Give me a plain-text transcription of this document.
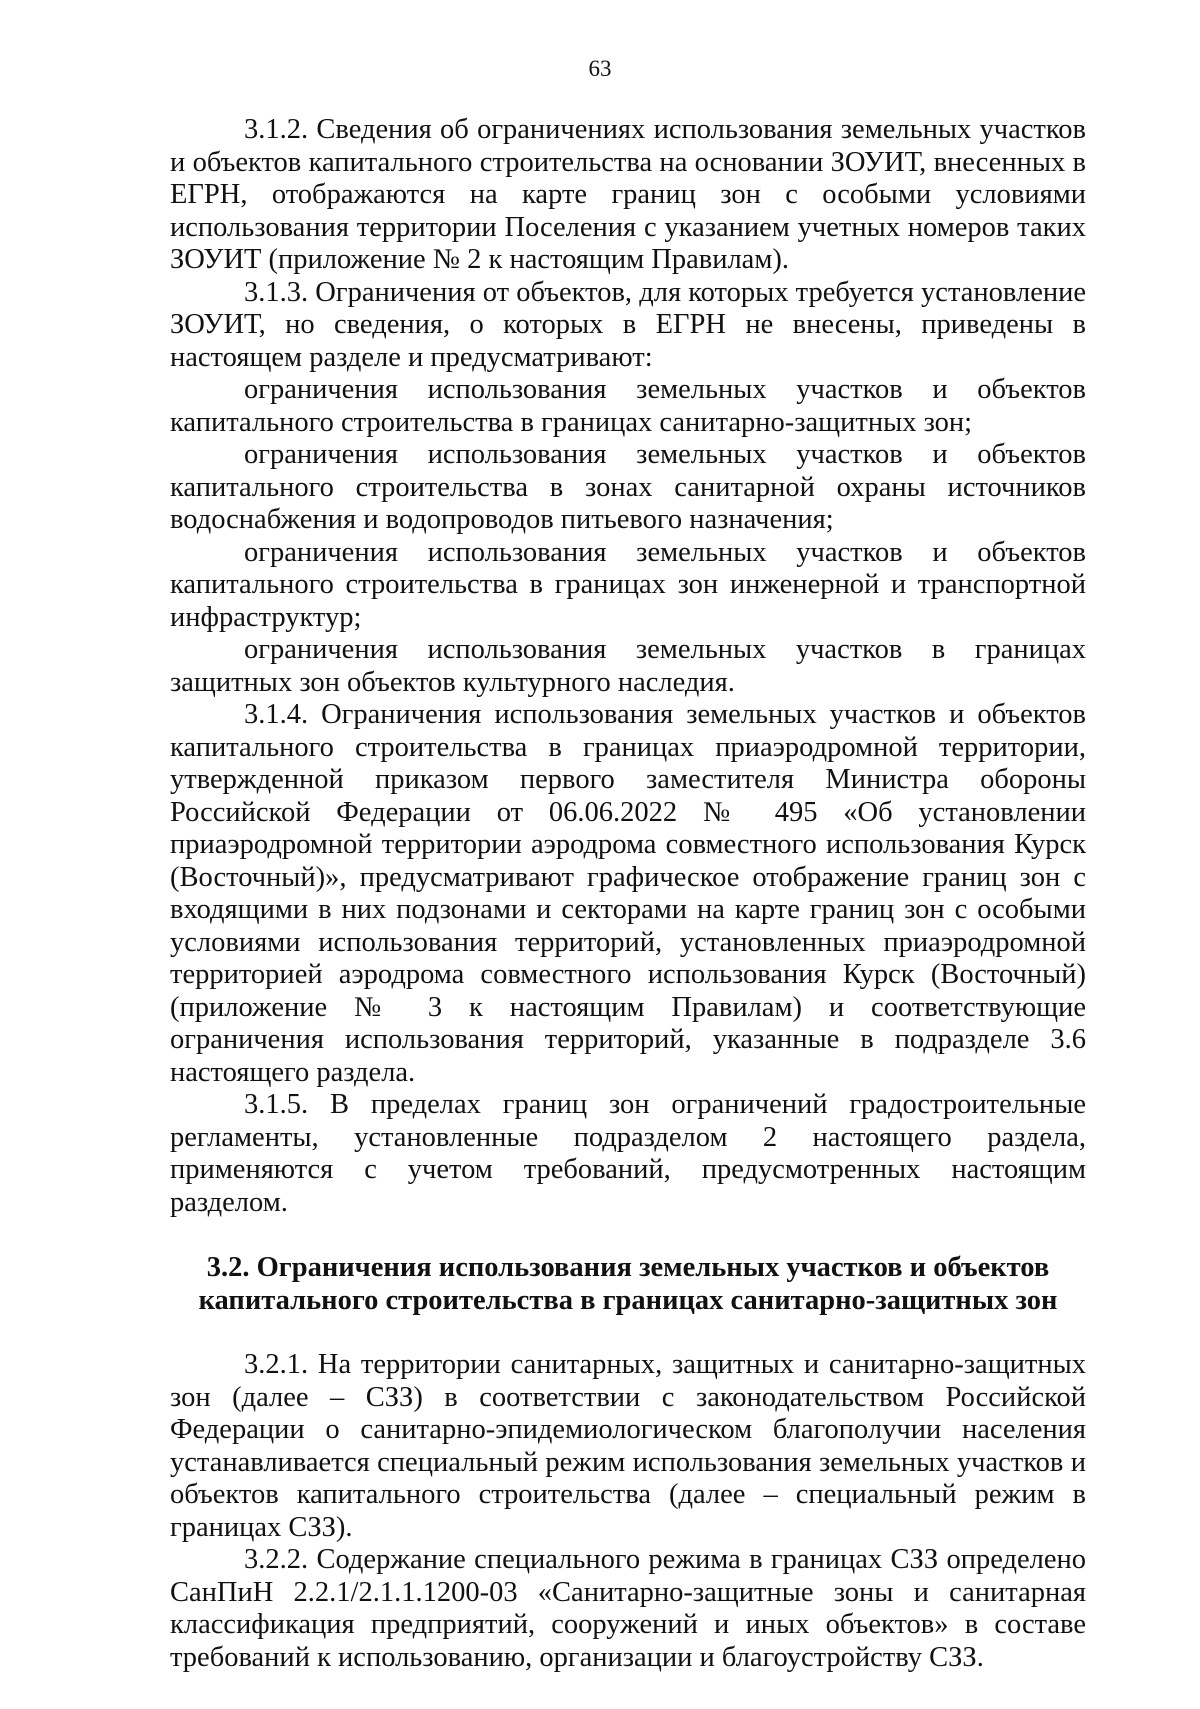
63

3.1.2. Сведения об ограничениях использования земельных участков и объектов капитального строительства на основании ЗОУИТ, внесенных в ЕГРН, отображаются на карте границ зон с особыми условиями использования территории Поселения с указанием учетных номеров таких ЗОУИТ (приложение № 2 к настоящим Правилам).

3.1.3. Ограничения от объектов, для которых требуется установление ЗОУИТ, но сведения, о которых в ЕГРН не внесены, приведены в настоящем разделе и предусматривают:

ограничения использования земельных участков и объектов капитального строительства в границах санитарно-защитных зон;

ограничения использования земельных участков и объектов капитального строительства в зонах санитарной охраны источников водоснабжения и водопроводов питьевого назначения;

ограничения использования земельных участков и объектов капитального строительства в границах зон инженерной и транспортной инфраструктур;

ограничения использования земельных участков в границах защитных зон объектов культурного наследия.

3.1.4. Ограничения использования земельных участков и объектов капитального строительства в границах приаэродромной территории, утвержденной приказом первого заместителя Министра обороны Российской Федерации от 06.06.2022 № 495 «Об установлении приаэродромной территории аэродрома совместного использования Курск (Восточный)», предусматривают графическое отображение границ зон с входящими в них подзонами и секторами на карте границ зон с особыми условиями использования территорий, установленных приаэродромной территорией аэродрома совместного использования Курск (Восточный) (приложение № 3 к настоящим Правилам) и соответствующие ограничения использования территорий, указанные в подразделе 3.6 настоящего раздела.

3.1.5. В пределах границ зон ограничений градостроительные регламенты, установленные подразделом 2 настоящего раздела, применяются с учетом требований, предусмотренных настоящим разделом.

3.2. Ограничения использования земельных участков и объектов капитального строительства в границах санитарно-защитных зон

3.2.1. На территории санитарных, защитных и санитарно-защитных зон (далее – СЗЗ) в соответствии с законодательством Российской Федерации о санитарно-эпидемиологическом благополучии населения устанавливается специальный режим использования земельных участков и объектов капитального строительства (далее – специальный режим в границах СЗЗ).

3.2.2. Содержание специального режима в границах СЗЗ определено СанПиН 2.2.1/2.1.1.1200-03 «Санитарно-защитные зоны и санитарная классификация предприятий, сооружений и иных объектов» в составе требований к использованию, организации и благоустройству СЗЗ.
